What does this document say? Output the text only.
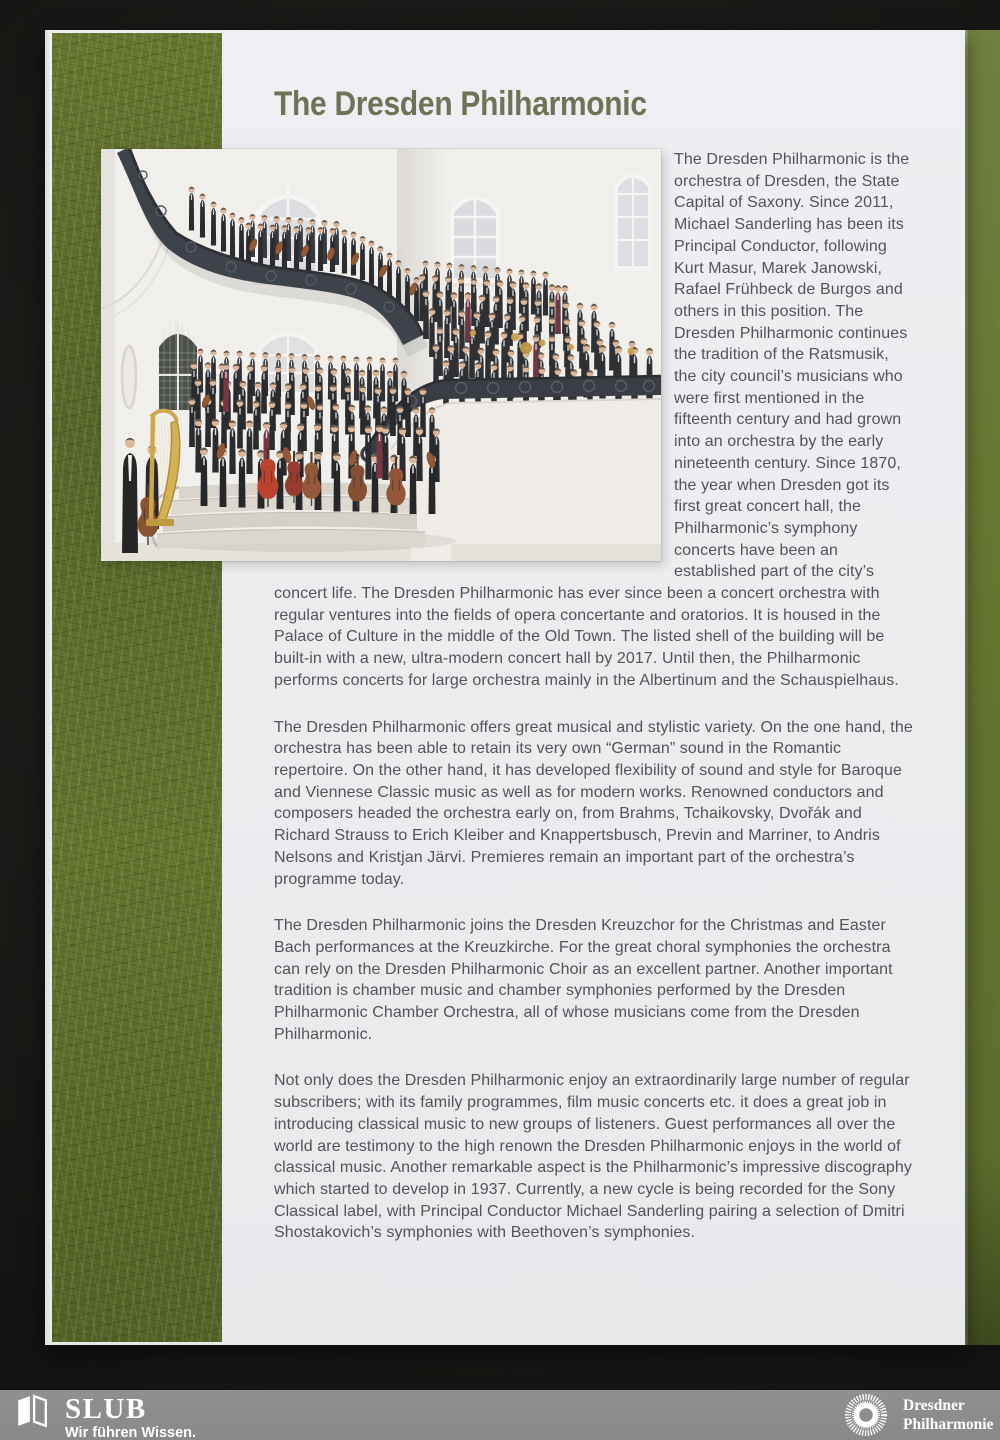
The Dresden Philharmonic

The Dresden Philharmonic is the orchestra of Dresden, the State Capital of Saxony. Since 2011, Michael Sanderling has been its Principal Conductor, following Kurt Masur, Marek Janowski, Rafael Frühbeck de Burgos and others in this position. The Dresden Philharmonic continues the tradition of the Ratsmusik, the city council’s musicians who were first mentioned in the fifteenth century and had grown into an orchestra by the early nineteenth century. Since 1870, the year when Dresden got its first great concert hall, the Philharmonic’s symphony concerts have been an established part of the city’s concert life. The Dresden Philharmonic has ever since been a concert orchestra with regular ventures into the fields of opera concertante and oratorios. It is housed in the Palace of Culture in the middle of the Old Town. The listed shell of the building will be built-in with a new, ultra-modern concert hall by 2017. Until then, the Philharmonic performs concerts for large orchestra mainly in the Albertinum and the Schauspielhaus.

The Dresden Philharmonic offers great musical and stylistic variety. On the one hand, the orchestra has been able to retain its very own “German” sound in the Romantic repertoire. On the other hand, it has developed flexibility of sound and style for Baroque and Viennese Classic music as well as for modern works. Renowned conductors and composers headed the orchestra early on, from Brahms, Tchaikovsky, Dvořák and Richard Strauss to Erich Kleiber and Knappertsbusch, Previn and Marriner, to Andris Nelsons and Kristjan Järvi. Premieres remain an important part of the orchestra’s programme today.

The Dresden Philharmonic joins the Dresden Kreuzchor for the Christmas and Easter Bach performances at the Kreuzkirche. For the great choral symphonies the orchestra can rely on the Dresden Philharmonic Choir as an excellent partner. Another important tradition is chamber music and chamber symphonies performed by the Dresden Philharmonic Chamber Orchestra, all of whose musicians come from the Dresden Philharmonic.

Not only does the Dresden Philharmonic enjoy an extraordinarily large number of regular subscribers; with its family programmes, film music concerts etc. it does a great job in introducing classical music to new groups of listeners. Guest performances all over the world are testimony to the high renown the Dresden Philharmonic enjoys in the world of classical music. Another remarkable aspect is the Philharmonic’s impressive discography which started to develop in 1937. Currently, a new cycle is being recorded for the Sony Classical label, with Principal Conductor Michael Sanderling pairing a selection of Dmitri Shostakovich’s symphonies with Beethoven’s symphonies.

SLUB
Wir führen Wissen.
Dresdner
Philharmonie
